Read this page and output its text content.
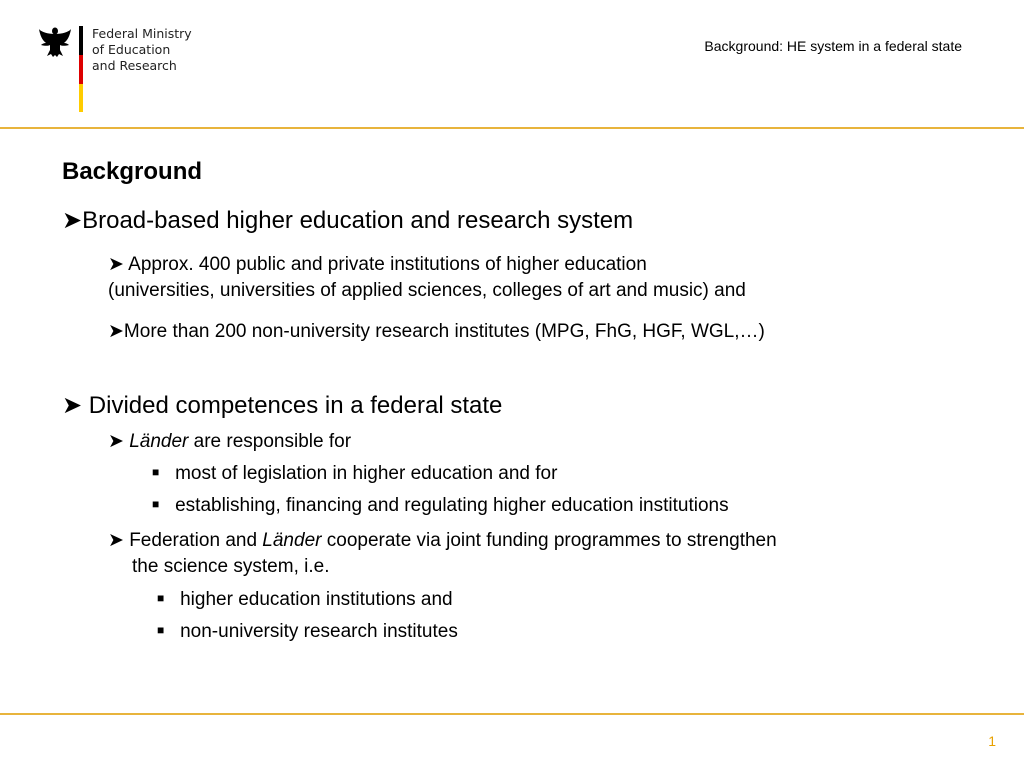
Federal Ministry
of Education
and Research
Background: HE system in a federal state
Background
➤Broad-based higher education and research system
➤ Approx. 400 public and private institutions of higher education
(universities, universities of applied sciences, colleges of art and music) and
➤More than 200 non-university research institutes (MPG, FhG, HGF, WGL,…)
➤ Divided competences in a federal state
➤ Länder are responsible for
■ most of legislation in higher education and for
■ establishing, financing and regulating higher education institutions
➤ Federation and Länder cooperate via joint funding programmes to strengthen
the science system, i.e.
■ higher education institutions and
■ non-university research institutes
1
